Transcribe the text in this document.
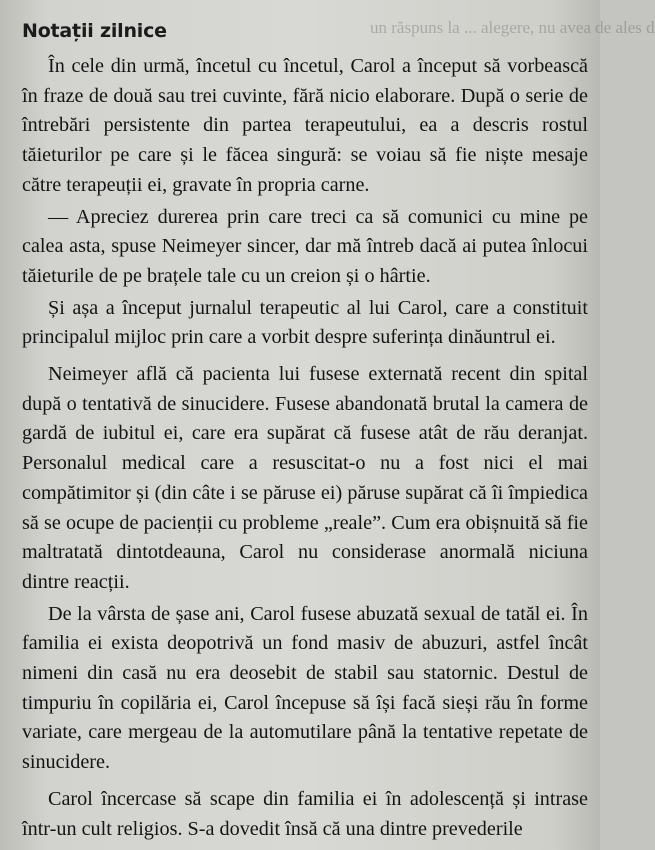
un răspuns la ... alegere, nu avea de ales d
Notații zilnice

În cele din urmă, încetul cu încetul, Carol a început să vorbească în fraze de două sau trei cuvinte, fără nicio elaborare. După o serie de întrebări persistente din partea terapeutului, ea a descris rostul tăieturilor pe care și le făcea singură: se voiau să fie niște mesaje către terapeuții ei, gravate în propria carne.

— Apreciez durerea prin care treci ca să comunici cu mine pe calea asta, spuse Neimeyer sincer, dar mă întreb dacă ai putea înlocui tăieturile de pe brațele tale cu un creion și o hârtie.

Și așa a început jurnalul terapeutic al lui Carol, care a constituit principalul mijloc prin care a vorbit despre suferința dinăuntrul ei.

Neimeyer află că pacienta lui fusese externată recent din spital după o tentativă de sinucidere. Fusese abandonată brutal la camera de gardă de iubitul ei, care era supărat că fusese atât de rău deranjat. Personalul medical care a resuscitat-o nu a fost nici el mai compătimitor și (din câte i se păruse ei) păruse supărat că îi împiedica să se ocupe de pacienții cu probleme „reale”. Cum era obișnuită să fie maltratată dintotdeauna, Carol nu considerase anormală niciuna dintre reacții.

De la vârsta de șase ani, Carol fusese abuzată sexual de tatăl ei. În familia ei exista deopotrivă un fond masiv de abuzuri, astfel încât nimeni din casă nu era deosebit de stabil sau statornic. Destul de timpuriu în copilăria ei, Carol începuse să își facă sieși rău în forme variate, care mergeau de la automutilare până la tentative repetate de sinucidere.

Carol încercase să scape din familia ei în adolescență și intrase într-un cult religios. S-a dovedit însă că una dintre prevederile
